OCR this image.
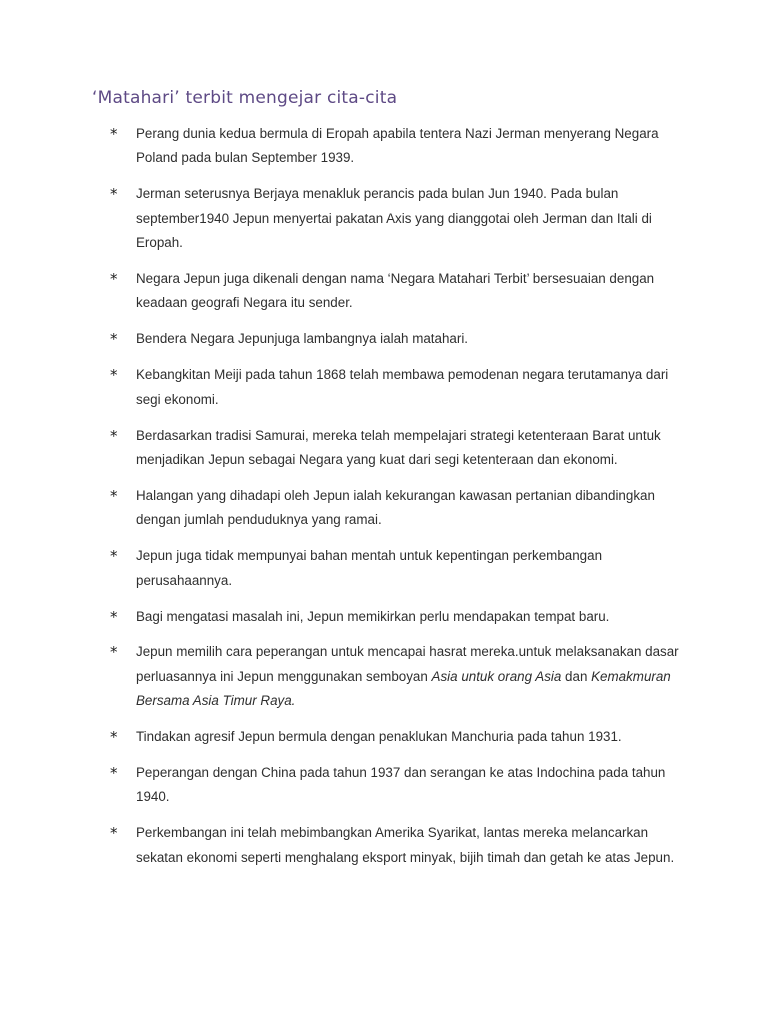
‘Matahari’ terbit mengejar cita-cita
* Perang dunia kedua bermula di Eropah apabila tentera Nazi Jerman menyerang Negara Poland pada bulan September 1939.
* Jerman seterusnya Berjaya menakluk perancis pada bulan Jun 1940. Pada bulan september1940 Jepun menyertai pakatan Axis yang dianggotai oleh Jerman dan Itali di Eropah.
* Negara Jepun juga dikenali dengan nama ‘Negara Matahari Terbit’ bersesuaian dengan keadaan geografi Negara itu sender.
* Bendera Negara Jepunjuga lambangnya ialah matahari.
* Kebangkitan Meiji pada tahun 1868 telah membawa pemodenan negara terutamanya dari segi ekonomi.
* Berdasarkan tradisi Samurai, mereka telah mempelajari strategi ketenteraan Barat untuk menjadikan Jepun sebagai Negara yang kuat dari segi ketenteraan dan ekonomi.
* Halangan yang dihadapi oleh Jepun ialah kekurangan kawasan pertanian dibandingkan dengan jumlah penduduknya yang ramai.
* Jepun juga tidak mempunyai bahan mentah untuk kepentingan perkembangan perusahaannya.
* Bagi mengatasi masalah ini, Jepun memikirkan perlu mendapakan tempat baru.
* Jepun memilih cara peperangan untuk mencapai hasrat mereka.untuk melaksanakan dasar perluasannya ini Jepun menggunakan semboyan Asia untuk orang Asia dan Kemakmuran Bersama Asia Timur Raya.
* Tindakan agresif Jepun bermula dengan penaklukan Manchuria pada tahun 1931.
* Peperangan dengan China pada tahun 1937 dan serangan ke atas Indochina pada tahun 1940.
* Perkembangan ini telah mebimbangkan Amerika Syarikat, lantas mereka melancarkan sekatan ekonomi seperti menghalang eksport minyak, bijih timah dan getah ke atas Jepun.
